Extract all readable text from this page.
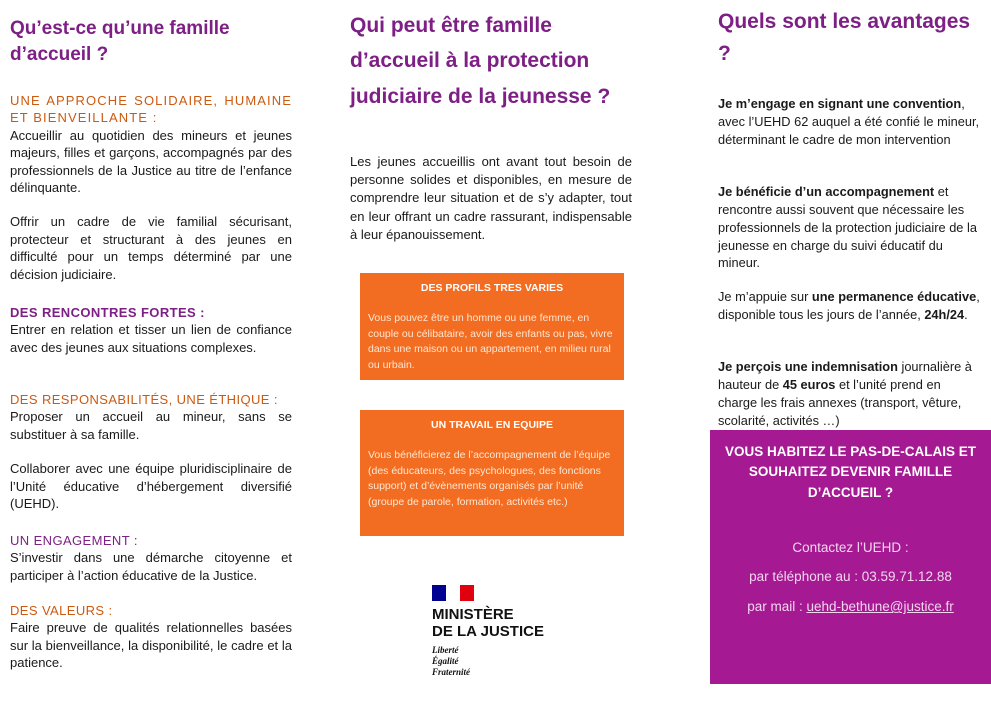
Qu’est-ce qu’une famille d’accueil ?
UNE APPROCHE SOLIDAIRE, HUMAINE ET BIENVEILLANTE :

Accueillir au quotidien des mineurs et jeunes majeurs, filles et garçons, accompagnés par des professionnels de la Justice au titre de l’enfance délinquante.

Offrir un cadre de vie familial sécurisant, protecteur et structurant à des jeunes en difficulté pour un temps déterminé par une décision judiciaire.

DES RENCONTRES FORTES :

Entrer en relation et tisser un lien de confiance avec des jeunes aux situations complexes.

DES RESPONSABILITÉS, UNE ÉTHIQUE :

Proposer un accueil au mineur, sans se substituer à sa famille.

Collaborer avec une équipe pluridisciplinaire de l’Unité éducative d’hébergement diversifié (UEHD).

UN ENGAGEMENT :

S’investir dans une démarche citoyenne et participer à l’action éducative de la Justice.

DES VALEURS :

Faire preuve de qualités relationnelles basées sur la bienveillance, la disponibilité, le cadre et la patience.

Qui peut être famille d’accueil à la protection judiciaire de la jeunesse ?

Les jeunes accueillis ont avant tout besoin de personne solides et disponibles, en mesure de comprendre leur situation et de s’y adapter, tout en leur offrant un cadre rassurant, indispensable à leur épanouissement.

DES PROFILS TRES VARIES
Vous pouvez être un homme ou une femme, en couple ou célibataire, avoir des enfants ou pas, vivre dans une maison ou un appartement, en milieu rural ou urbain.
UN TRAVAIL EN EQUIPE
Vous bénéficierez de l’accompagnement de l’équipe (des éducateurs, des psychologues, des fonctions support) et d’évènements organisés par l’unité (groupe de parole, formation, activités etc.)
MINISTÈRE
DE LA JUSTICE
Liberté
Égalité
Fraternité
Quels sont les avantages ?

Je m’engage en signant une convention, avec l’UEHD 62 auquel a été confié le mineur, déterminant le cadre de mon intervention

Je bénéficie d’un accompagnement et rencontre aussi souvent que nécessaire les professionnels de la protection judiciaire de la jeunesse en charge du suivi éducatif du mineur.

Je m’appuie sur une permanence éducative, disponible tous les jours de l’année, 24h/24.

Je perçois une indemnisation journalière à hauteur de 45 euros et l’unité prend en charge les frais annexes (transport, vêture, scolarité, activités …)

VOUS HABITEZ LE PAS-DE-CALAIS ET SOUHAITEZ DEVENIR FAMILLE D’ACCUEIL ?
Contactez l’UEHD :
par téléphone au : 03.59.71.12.88
par mail : uehd-bethune@justice.fr
